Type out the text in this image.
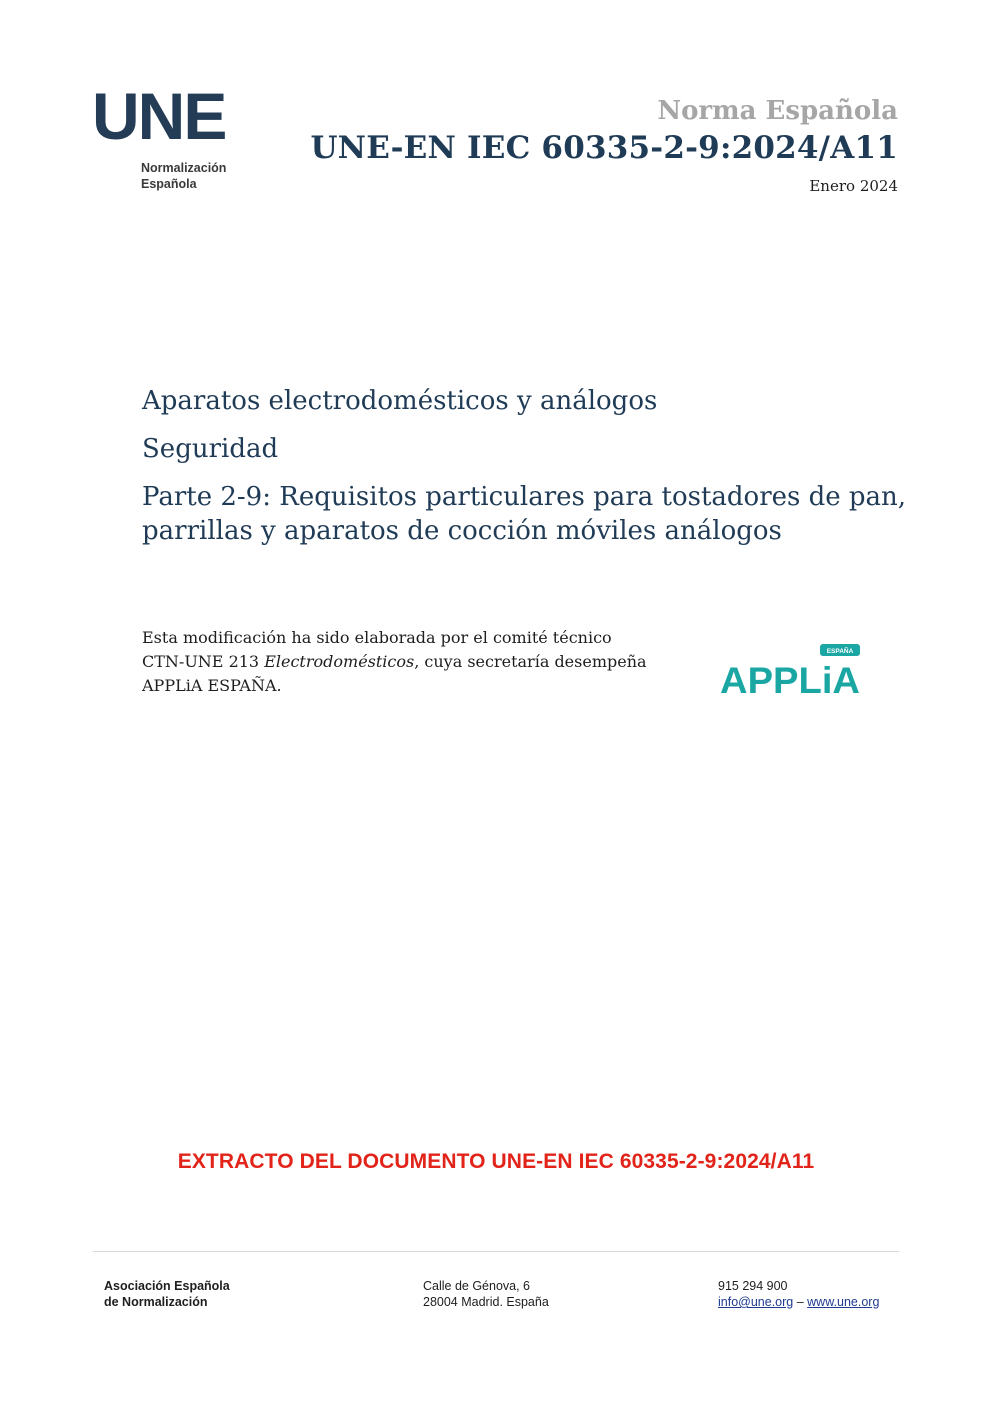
UNE
Normalización
Española
Norma Española
UNE-EN IEC 60335-2-9:2024/A11
Enero 2024

Aparatos electrodomésticos y análogos

Seguridad

Parte 2-9: Requisitos particulares para tostadores de pan,

parrillas y aparatos de cocción móviles análogos

Esta modificación ha sido elaborada por el comité técnico
CTN-UNE 213 Electrodomésticos, cuya secretaría desempeña
APPLiA ESPAÑA.
ESPAÑA
APPLiA
EXTRACTO DEL DOCUMENTO UNE-EN IEC 60335-2-9:2024/A11
Asociación Española
de Normalización
Calle de Génova, 6
28004 Madrid. España
915 294 900
info@une.org – www.une.org
